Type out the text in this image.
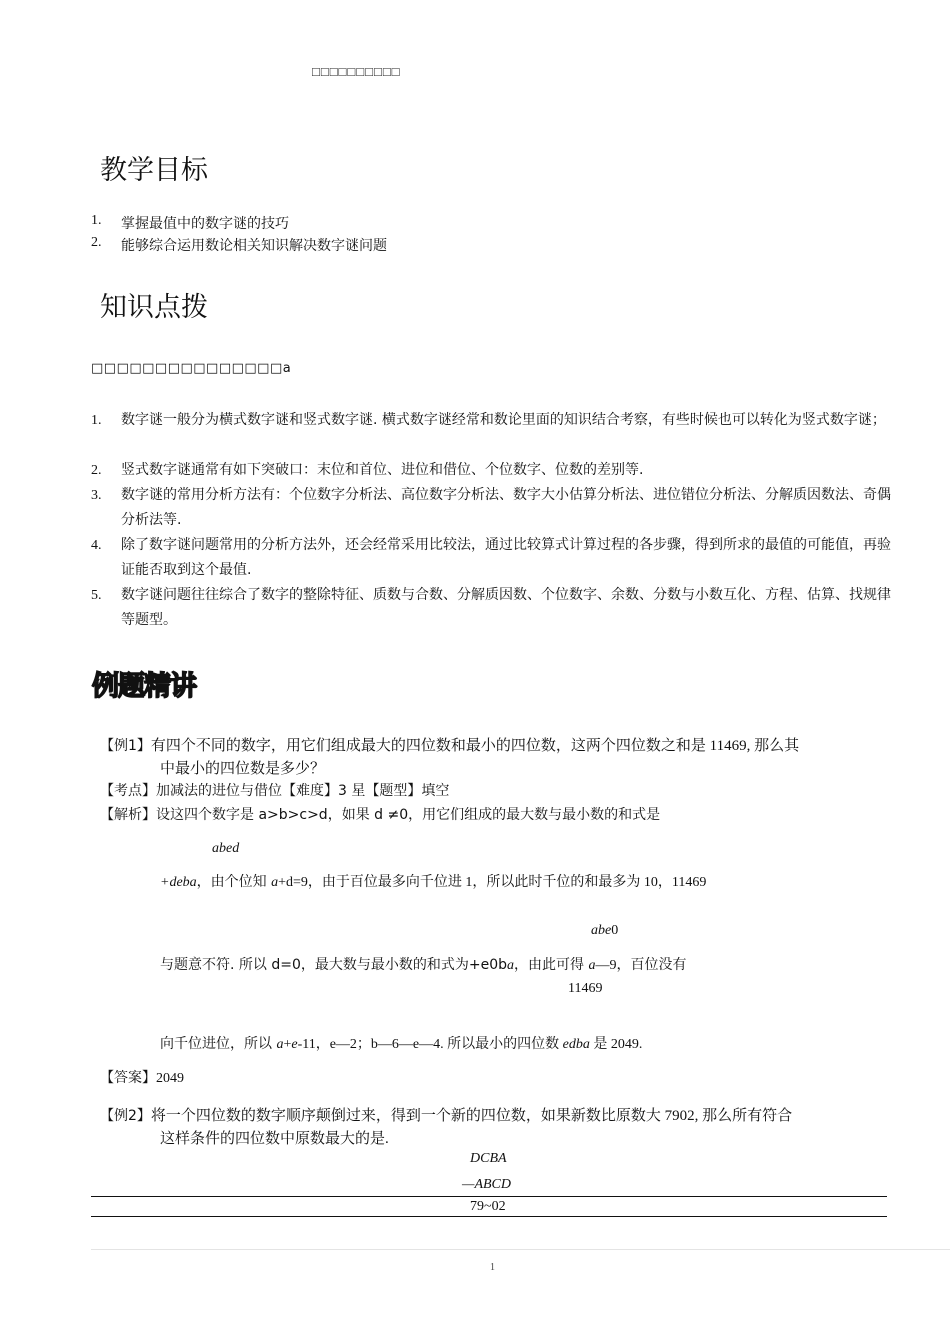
□□□□□□□□□□
教学目标
1. 掌握最值中的数字谜的技巧
2. 能够综合运用数论相关知识解决数字谜问题
知识点拨
□□□□□□□□□□□□□□□a
1. 数字谜一般分为横式数字谜和竖式数字谜. 横式数字谜经常和数论里面的知识结合考察，有些时候也可以转化为竖式数字谜；
2. 竖式数字谜通常有如下突破口：末位和首位、进位和借位、个位数字、位数的差别等.
3. 数字谜的常用分析方法有：个位数字分析法、高位数字分析法、数字大小估算分析法、进位错位分析法、分解质因数法、奇偶分析法等.
4. 除了数字谜问题常用的分析方法外，还会经常采用比较法，通过比较算式计算过程的各步骤，得到所求的最值的可能值，再验证能否取到这个最值.
5. 数字谜问题往往综合了数字的整除特征、质数与合数、分解质因数、个位数字、余数、分数与小数互化、方程、估算、找规律等题型。
例题精讲
【例1】有四个不同的数字，用它们组成最大的四位数和最小的四位数，这两个四位数之和是 11469, 那么其
中最小的四位数是多少？
【考点】加减法的进位与借位【难度】3 星【题型】填空
【解析】设这四个数字是 a>b>c>d，如果 d ≠0，用它们组成的最大数与最小数的和式是
abed
+deba，由个位知 a+d=9，由于百位最多向千位进 1，所以此时千位的和最多为 10，11469
abe0
与题意不符. 所以 d=0，最大数与最小数的和式为+e0ba，由此可得 a—9，百位没有
11469
向千位进位，所以 a+e-11，e—2；b—6—e—4. 所以最小的四位数 edba 是 2049.
【答案】2049
【例2】将一个四位数的数字顺序颠倒过来，得到一个新的四位数，如果新数比原数大 7902, 那么所有符合
这样条件的四位数中原数最大的是.
DCBA
—ABCD
79~02
1
